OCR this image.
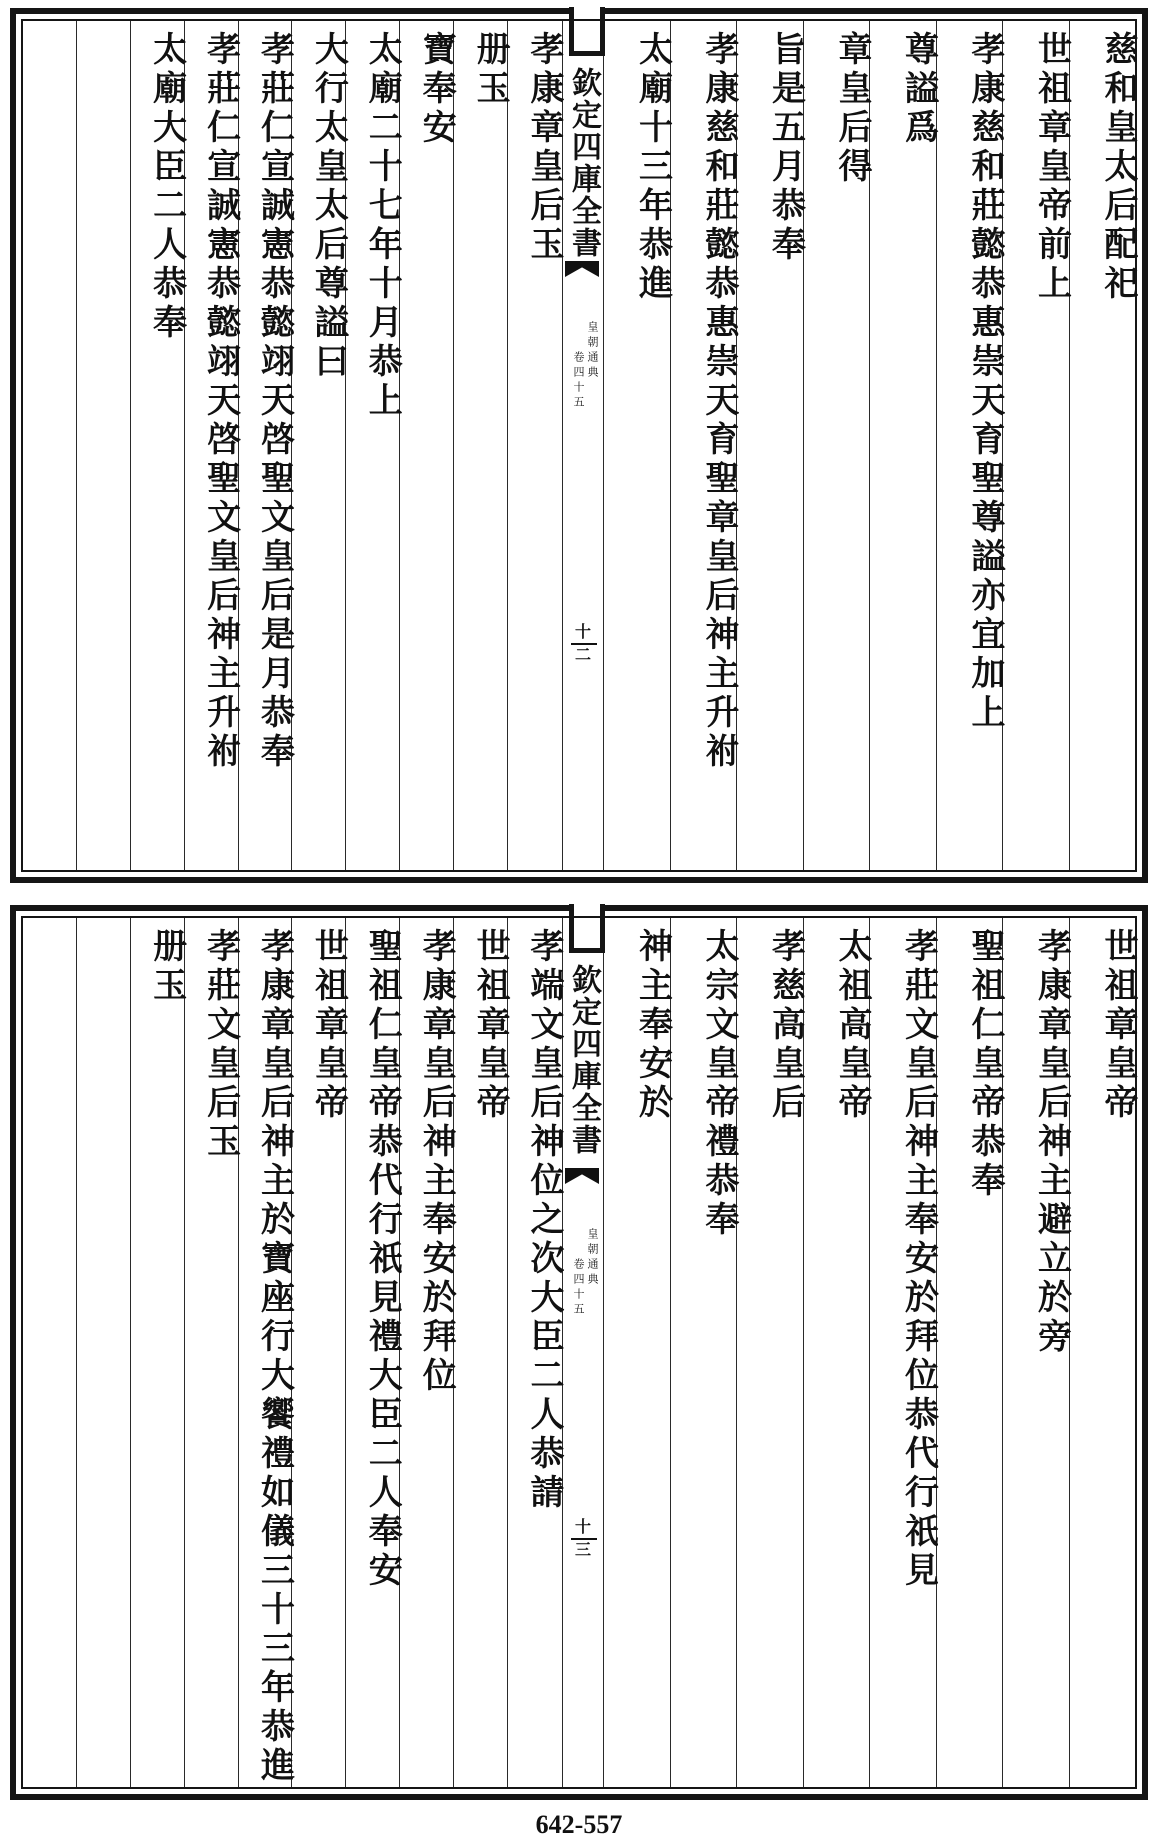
慈和皇太后配祀
世祖章皇帝前上
孝康慈和莊懿恭惠崇天育聖尊謚亦宜加上
尊謚爲
章皇后得
旨是五月恭奉
孝康慈和莊懿恭惠崇天育聖章皇后神主升祔
太廟十三年恭進
欽定四庫全書
皇朝通典
卷四十五
十二
孝康章皇后玉
册玉
寶奉安
太廟二十七年十月恭上
大行太皇太后尊謚曰
孝莊仁宣誠憲恭懿翊天啓聖文皇后是月恭奉
孝莊仁宣誠憲恭懿翊天啓聖文皇后神主升祔
太廟大臣二人恭奉
世祖章皇帝
孝康章皇后神主避立於旁
聖祖仁皇帝恭奉
孝莊文皇后神主奉安於拜位恭代行祇見
太祖高皇帝
孝慈高皇后
太宗文皇帝禮恭奉
神主奉安於
欽定四庫全書
皇朝通典
卷四十五
十三
孝端文皇后神位之次大臣二人恭請
世祖章皇帝
孝康章皇后神主奉安於拜位
聖祖仁皇帝恭代行祇見禮大臣二人奉安
世祖章皇帝
孝康章皇后神主於寶座行大饗禮如儀三十三年恭進
孝莊文皇后玉
册玉
642-557
